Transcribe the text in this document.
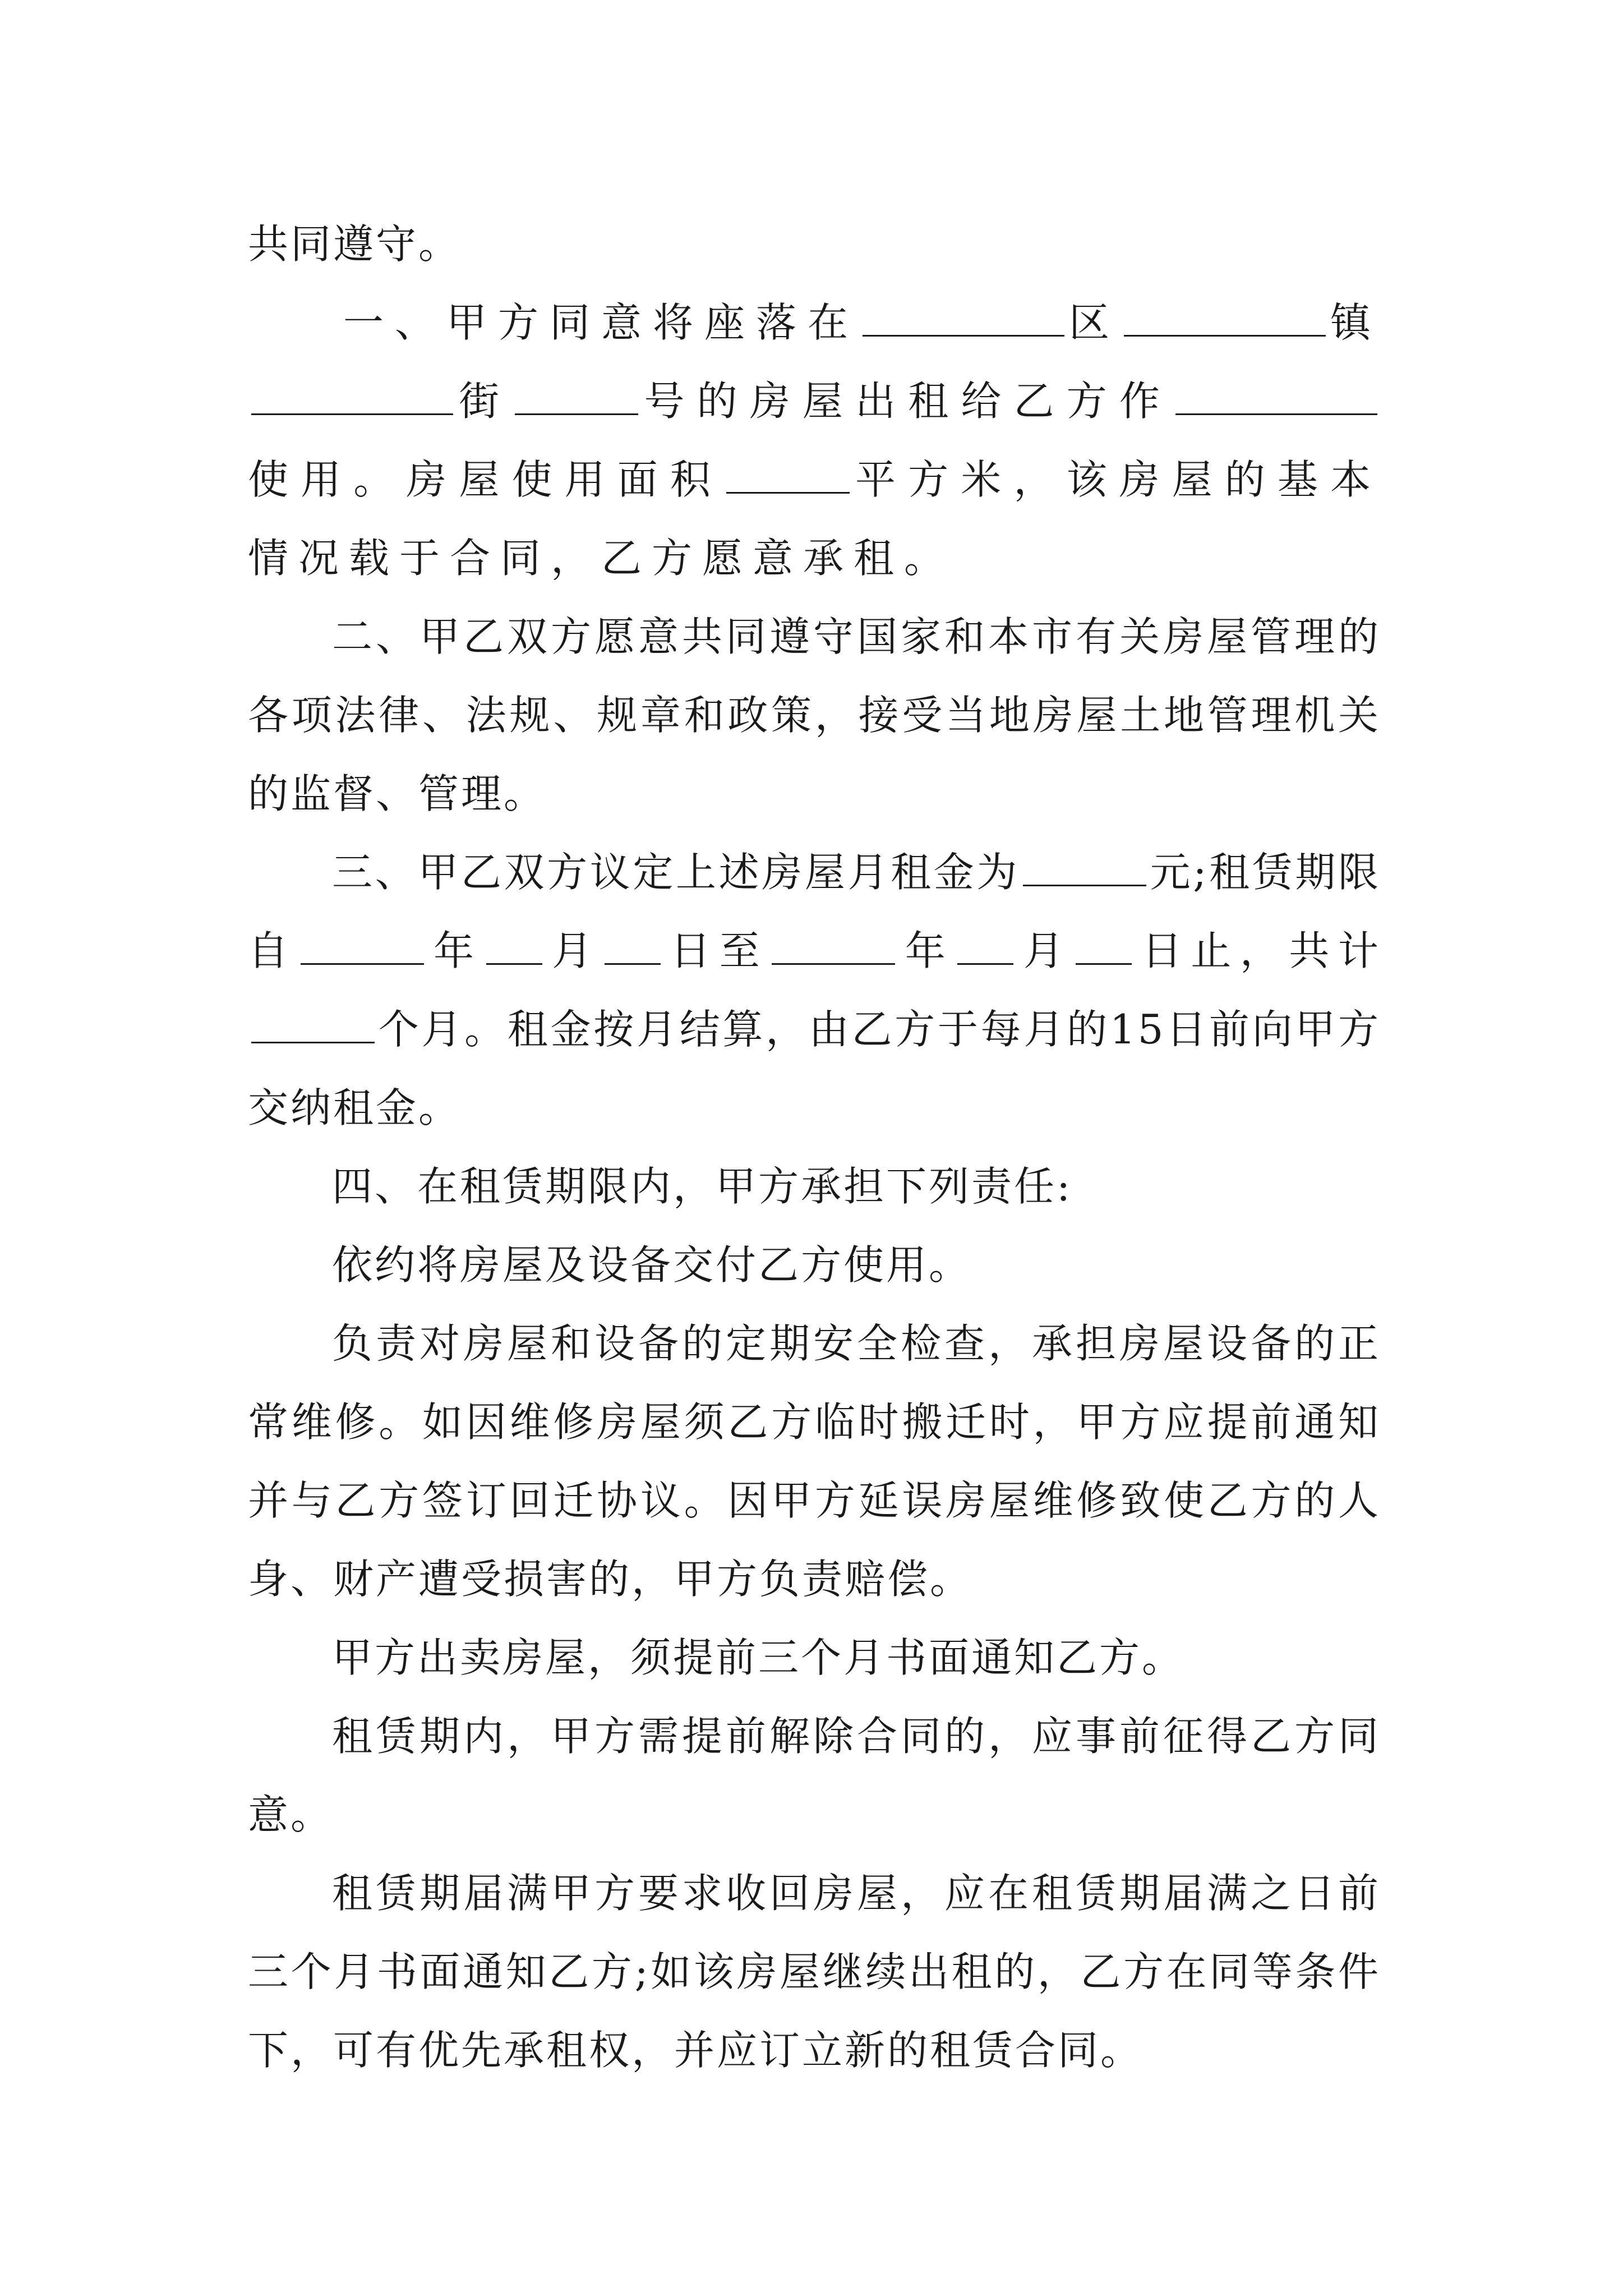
共同遵守。

一、甲方同意将座落在	区	镇街	号的房屋出租给乙方作使用。房屋使用面积	平方米，该房屋的基本情况载于合同，乙方愿意承租。

二、甲乙双方愿意共同遵守国家和本市有关房屋管理的各项法律、法规、规章和政策，接受当地房屋土地管理机关的监督、管理。

三、甲乙双方议定上述房屋月租金为	元;租赁期限自	年 月 日至	年 月 日止，共计个月。租金按月结算，由乙方于每月的15日前向甲方交纳租金。

四、在租赁期限内，甲方承担下列责任:

依约将房屋及设备交付乙方使用。

负责对房屋和设备的定期安全检查，承担房屋设备的正常维修。如因维修房屋须乙方临时搬迁时，甲方应提前通知并与乙方签订回迁协议。因甲方延误房屋维修致使乙方的人身、财产遭受损害的，甲方负责赔偿。

甲方出卖房屋，须提前三个月书面通知乙方。

租赁期内，甲方需提前解除合同的，应事前征得乙方同意。

租赁期届满甲方要求收回房屋，应在租赁期届满之日前三个月书面通知乙方;如该房屋继续出租的，乙方在同等条件下，可有优先承租权，并应订立新的租赁合同。
